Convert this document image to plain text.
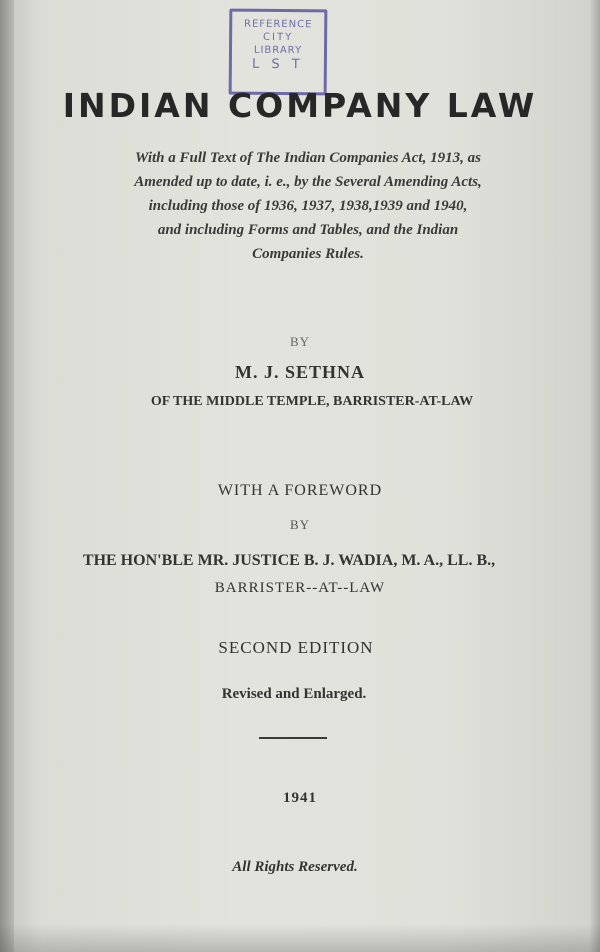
REFERENCE
CITY
LIBRARY
L S T
INDIAN COMPANY LAW
With a Full Text of The Indian Companies Act, 1913, as
Amended up to date, i. e., by the Several Amending Acts,
including those of 1936, 1937, 1938,1939 and 1940,
and including Forms and Tables, and the Indian
Companies Rules.
BY
M. J. SETHNA
OF THE MIDDLE TEMPLE, BARRISTER-AT-LAW
WITH A FOREWORD
BY
THE HON'BLE MR. JUSTICE B. J. WADIA, M. A., LL. B.,
BARRISTER--AT--LAW
SECOND EDITION
Revised and Enlarged.
1941
All Rights Reserved.
